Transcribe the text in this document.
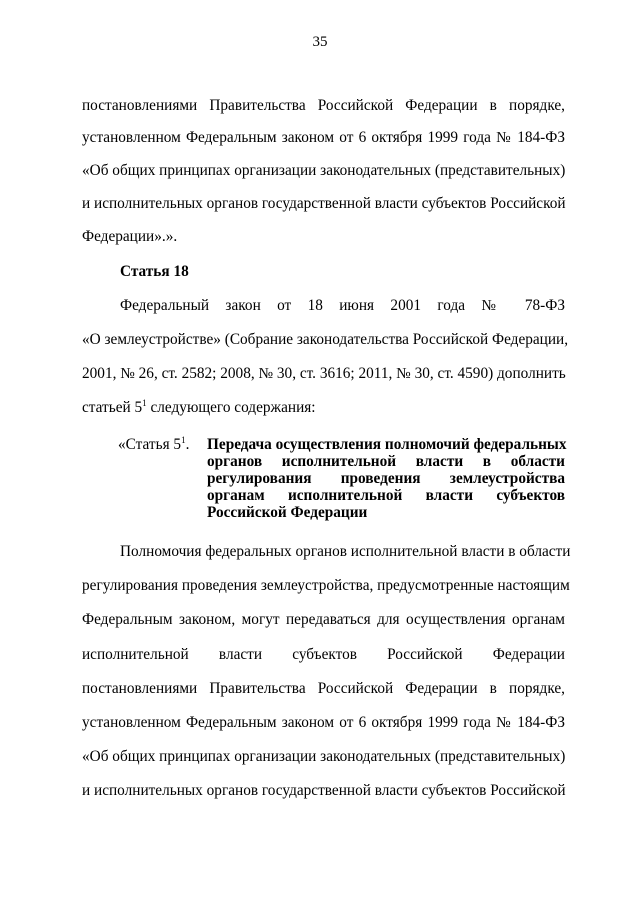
35
постановлениями Правительства Российской Федерации в порядке,
установленном Федеральным законом от 6 октября 1999 года № 184-ФЗ
«Об общих принципах организации законодательных (представительных)
и исполнительных органов государственной власти субъектов Российской
Федерации».».
Статья 18
Федеральный закон от 18 июня 2001 года № 78-ФЗ
«О землеустройстве» (Собрание законодательства Российской Федерации,
2001, № 26, ст. 2582; 2008, № 30, ст. 3616; 2011, № 30, ст. 4590) дополнить
статьей $5^1$ следующего содержания:
«Статья $5^1$. Передача осуществления полномочий федеральных
органов исполнительной власти в области
регулирования проведения землеустройства
органам исполнительной власти субъектов
Российской Федерации
Полномочия федеральных органов исполнительной власти в области
регулирования проведения землеустройства, предусмотренные настоящим
Федеральным законом, могут передаваться для осуществления органам
исполнительной власти субъектов Российской Федерации
постановлениями Правительства Российской Федерации в порядке,
установленном Федеральным законом от 6 октября 1999 года № 184-ФЗ
«Об общих принципах организации законодательных (представительных)
и исполнительных органов государственной власти субъектов Российской
